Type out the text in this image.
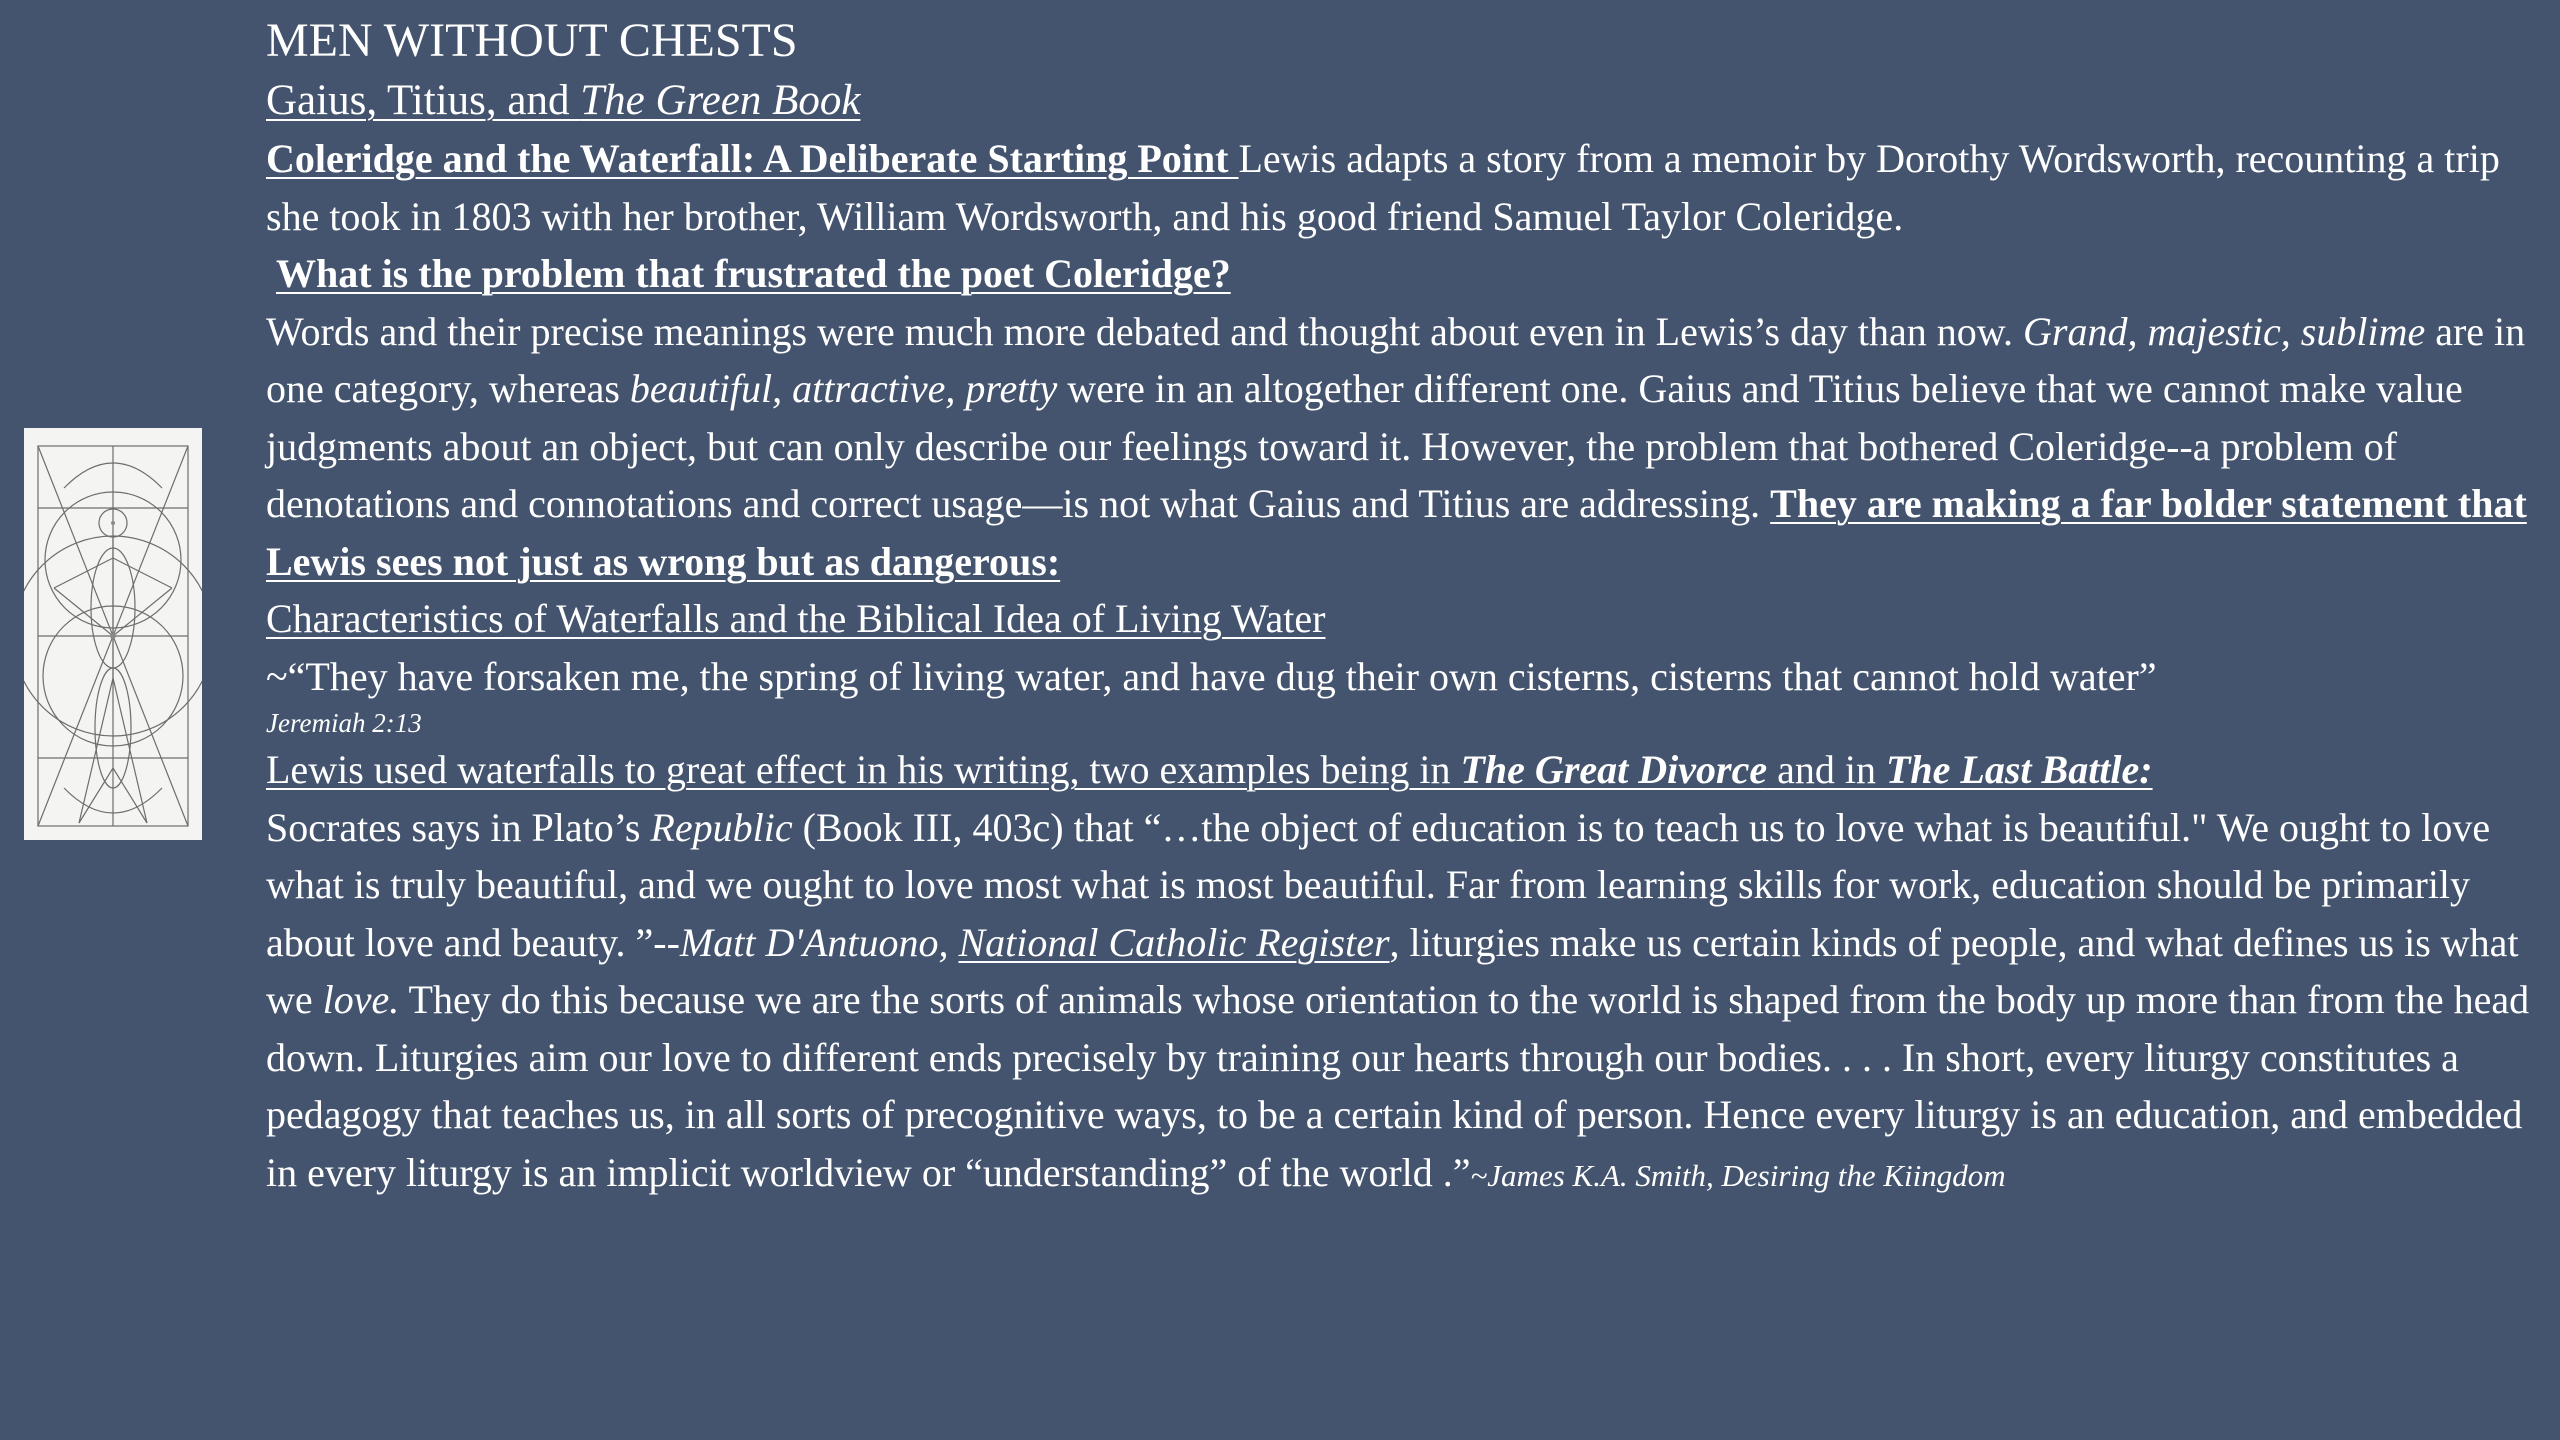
MEN WITHOUT CHESTS

Gaius, Titius, and The Green Book

Coleridge and the Waterfall: A Deliberate Starting Point Lewis adapts a story from a memoir by Dorothy Wordsworth, recounting a trip she took in 1803 with her brother, William Wordsworth, and his good friend Samuel Taylor Coleridge.

What is the problem that frustrated the poet Coleridge?

Words and their precise meanings were much more debated and thought about even in Lewis’s day than now. Grand, majestic, sublime are in one category, whereas beautiful, attractive, pretty were in an altogether different one. Gaius and Titius believe that we cannot make value judgments about an object, but can only describe our feelings toward it. However, the problem that bothered Coleridge--a problem of denotations and connotations and correct usage—is not what Gaius and Titius are addressing. They are making a far bolder statement that Lewis sees not just as wrong but as dangerous:

Characteristics of Waterfalls and the Biblical Idea of Living Water

~“They have forsaken me, the spring of living water, and have dug their own cisterns, cisterns that cannot hold water”

Jeremiah 2:13

Lewis used waterfalls to great effect in his writing, two examples being in The Great Divorce and in The Last Battle:

Socrates says in Plato’s Republic (Book III, 403c) that “…the object of education is to teach us to love what is beautiful." We ought to love what is truly beautiful, and we ought to love most what is most beautiful. Far from learning skills for work, education should be primarily about love and beauty. ”--Matt D'Antuono, National Catholic Register, liturgies make us certain kinds of people, and what defines us is what we love. They do this because we are the sorts of animals whose orientation to the world is shaped from the body up more than from the head down. Liturgies aim our love to different ends precisely by training our hearts through our bodies. . . . In short, every liturgy constitutes a pedagogy that teaches us, in all sorts of precognitive ways, to be a certain kind of person. Hence every liturgy is an education, and embedded in every liturgy is an implicit worldview or “understanding” of the world .”~James K.A. Smith, Desiring the Kiingdom
